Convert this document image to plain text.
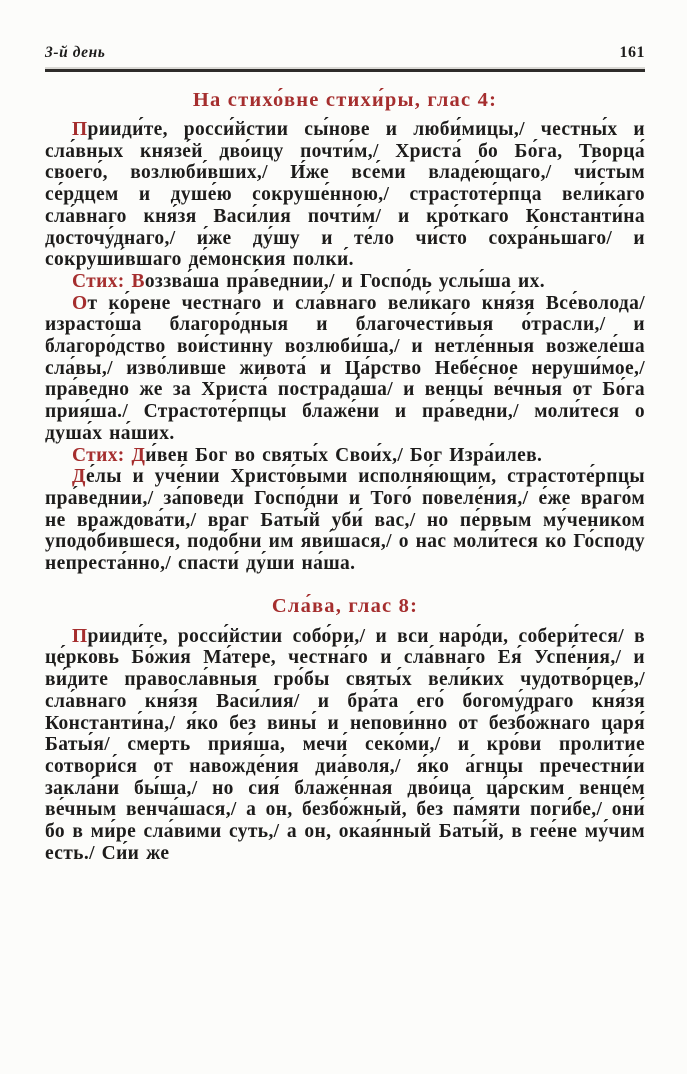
3-й день	161
На стихо́вне стихи́ры, глас 4:

Прииди́те, росси́йстии сы́нове и люби́мицы,/ честны́х и сла́вных князе́й дво́ицу почти́м,/ Христа́ бо Бо́га, Творца́ своего́, возлюби́вших,/ И́же все́ми владе́ющаго,/ чи́стым се́рдцем и душе́ю сокруше́нною,/ страстоте́рпца вели́каго сла́внаго кня́зя Васи́лия почти́м/ и кро́ткаго Константи́на досточу́днаго,/ и́же ду́шу и те́ло чи́сто сохра́ньшаго/ и сокруши́вшаго де́монския полки́.

Стих: Воззва́ша пра́веднии,/ и Госпо́дь услы́ша их.

От ко́рене честна́го и сла́внаго вели́каго кня́зя Все́волода/ израсто́ша благоро́дныя и благочести́выя о́трасли,/ и благоро́дство вои́стинну возлюби́ша,/ и нетле́нныя возжеле́ша сла́вы,/ изво́ливше живота́ и Ца́рство Небе́сное неруши́мое,/ пра́ведно же за Христа́ пострада́ша/ и венцы́ ве́чныя от Бо́га прия́ша./ Страстоте́рпцы блаже́ни и пра́ведни,/ моли́теся о душа́х на́ших.

Стих: Ди́вен Бог во святы́х Свои́х,/ Бог Изра́илев.

Де́лы и уче́нии Христо́выми исполня́ющим, страстоте́рпцы пра́веднии,/ за́поведи Госпо́дни и Того́ повеле́ния,/ е́же враго́м не враждова́ти,/ враг Баты́й уби́ вас,/ но пе́рвым му́чеником уподо́бившеся, подо́бни им яви́шася,/ о нас моли́теся ко Го́споду непреста́нно,/ спасти́ ду́ши на́ша.

Сла́ва, глас 8:

Прииди́те, росси́йстии собо́ри,/ и вси наро́ди, собери́теся/ в це́рковь Бо́жия Ма́тере, честна́го и сла́внаго Ея́ Успе́ния,/ и ви́дите правосла́вныя гро́бы святы́х вели́ких чудотво́рцев,/ сла́внаго кня́зя Васи́лия/ и бра́та его́ богому́драго кня́зя Константи́на,/ я́ко без вины́ и непови́нно от безбо́жнаго царя́ Баты́я/ смерть прия́ша, мечи́ секо́ми,/ и кро́ви проли́тие сотвори́ся от навожде́ния диа́воля,/ я́ко а́гнцы пречестни́и закла́ни бы́ша,/ но сия́ блаже́нная дво́ица ца́рским венце́м ве́чным венча́шася,/ а он, безбо́жный, без па́мяти поги́бе,/ они́ бо в ми́ре сла́вими суть,/ а он, окая́нный Баты́й, в гее́не му́чим есть./ Си́и же
